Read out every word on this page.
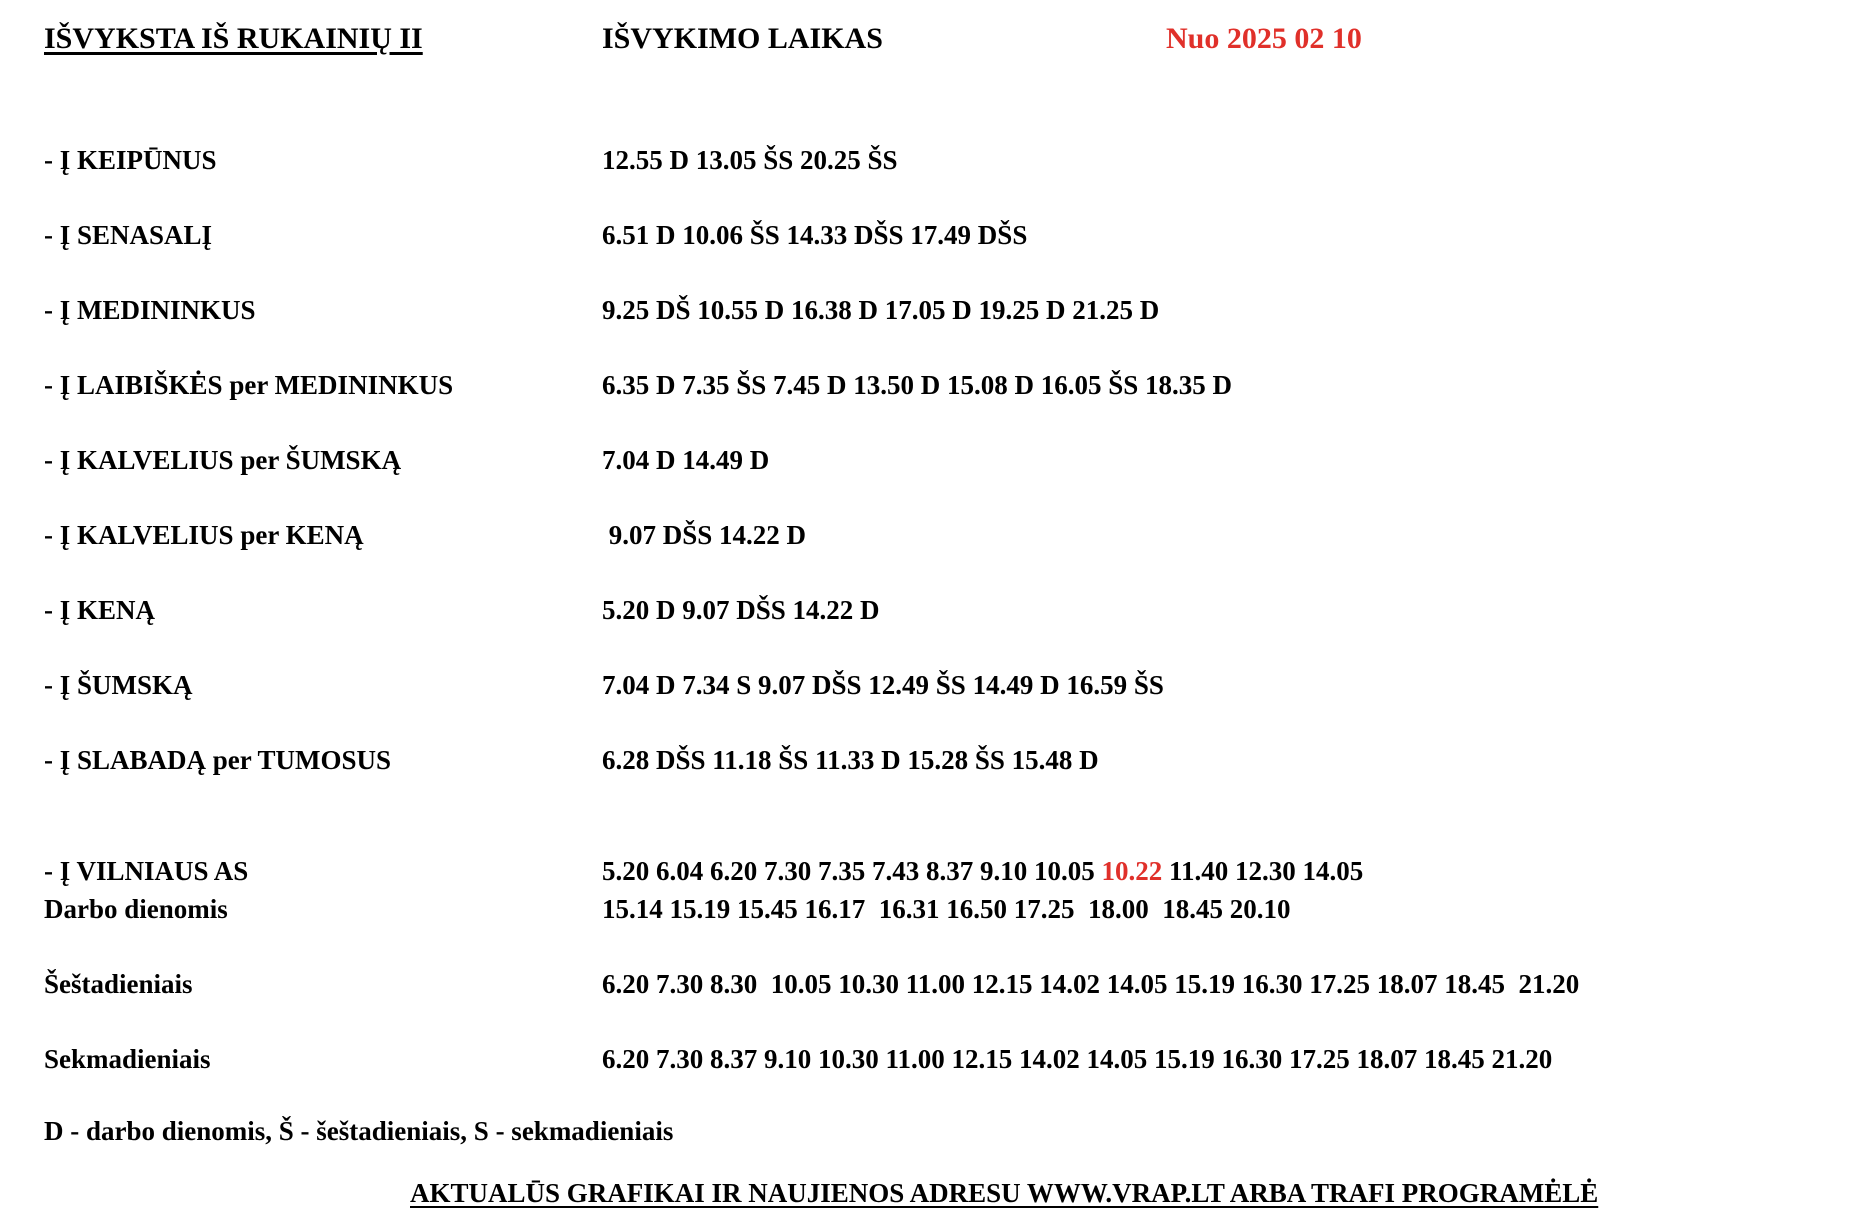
IŠVYKSTA IŠ RUKAINIŲ II	IŠVYKIMO LAIKAS	Nuo 2025 02 10
- Į KEIPŪNUS	12.55 D 13.05 ŠS 20.25 ŠS
- Į SENASALĮ	6.51 D 10.06 ŠS 14.33 DŠS 17.49 DŠS
- Į MEDININKUS	9.25 DŠ 10.55 D 16.38 D 17.05 D 19.25 D 21.25 D
- Į LAIBIŠKĖS per MEDININKUS	6.35 D 7.35 ŠS 7.45 D 13.50 D 15.08 D 16.05 ŠS 18.35 D
- Į KALVELIUS per ŠUMSKĄ	7.04 D 14.49 D
- Į KALVELIUS per KENĄ	9.07 DŠS 14.22 D
- Į KENĄ	5.20 D 9.07 DŠS 14.22 D
- Į ŠUMSKĄ	7.04 D 7.34 S 9.07 DŠS 12.49 ŠS 14.49 D 16.59 ŠS
- Į SLABADĄ per TUMOSUS	6.28 DŠS 11.18 ŠS 11.33 D 15.28 ŠS 15.48 D
- Į VILNIAUS AS	5.20 6.04 6.20 7.30 7.35 7.43 8.37 9.10 10.05 10.22 11.40 12.30 14.05
Darbo dienomis	15.14 15.19 15.45 16.17  16.31 16.50 17.25  18.00  18.45 20.10
Šeštadieniais	6.20 7.30 8.30  10.05 10.30 11.00 12.15 14.02 14.05 15.19 16.30 17.25 18.07 18.45  21.20
Sekmadieniais	6.20 7.30 8.37 9.10 10.30 11.00 12.15 14.02 14.05 15.19 16.30 17.25 18.07 18.45 21.20
D - darbo dienomis, Š - šeštadieniais, S - sekmadieniais
AKTUALŪS GRAFIKAI IR NAUJIENOS ADRESU WWW.VRAP.LT ARBA TRAFI PROGRAMĖLĖ
